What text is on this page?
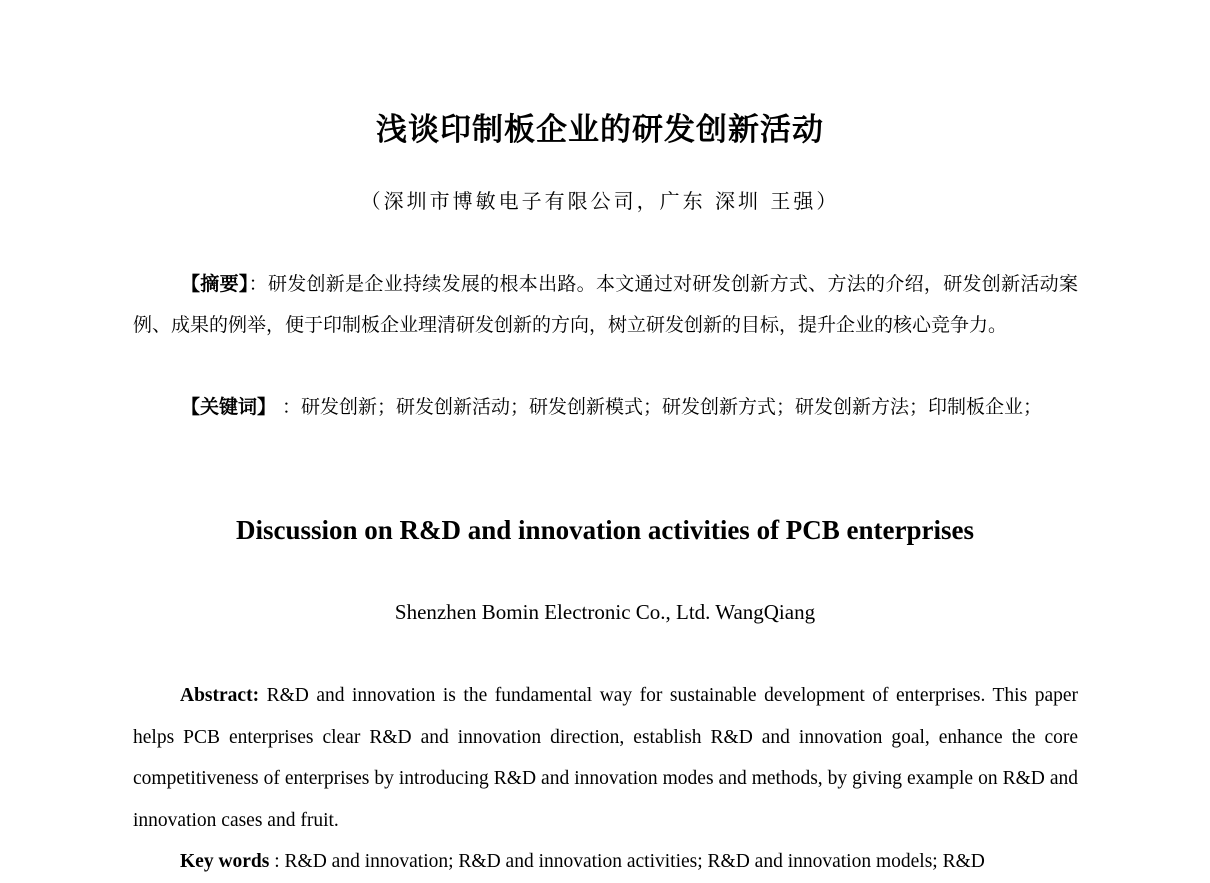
浅谈印制板企业的研发创新活动

（深圳市博敏电子有限公司，广东 深圳 王强）

【摘要】：研发创新是企业持续发展的根本出路。本文通过对研发创新方式、方法的介绍，研发创新活动案例、成果的例举，便于印制板企业理清研发创新的方向，树立研发创新的目标，提升企业的核心竞争力。

【关键词】 ：研发创新；研发创新活动；研发创新模式；研发创新方式；研发创新方法；印制板企业；

Discussion on R&D and innovation activities of PCB enterprises

Shenzhen Bomin Electronic Co., Ltd. WangQiang

Abstract: R&D and innovation is the fundamental way for sustainable development of enterprises. This paper helps PCB enterprises clear R&D and innovation direction, establish R&D and innovation goal, enhance the core competitiveness of enterprises by introducing R&D and innovation modes and methods, by giving example on R&D and innovation cases and fruit.

Key words : R&D and innovation; R&D and innovation activities; R&D and innovation models; R&D
